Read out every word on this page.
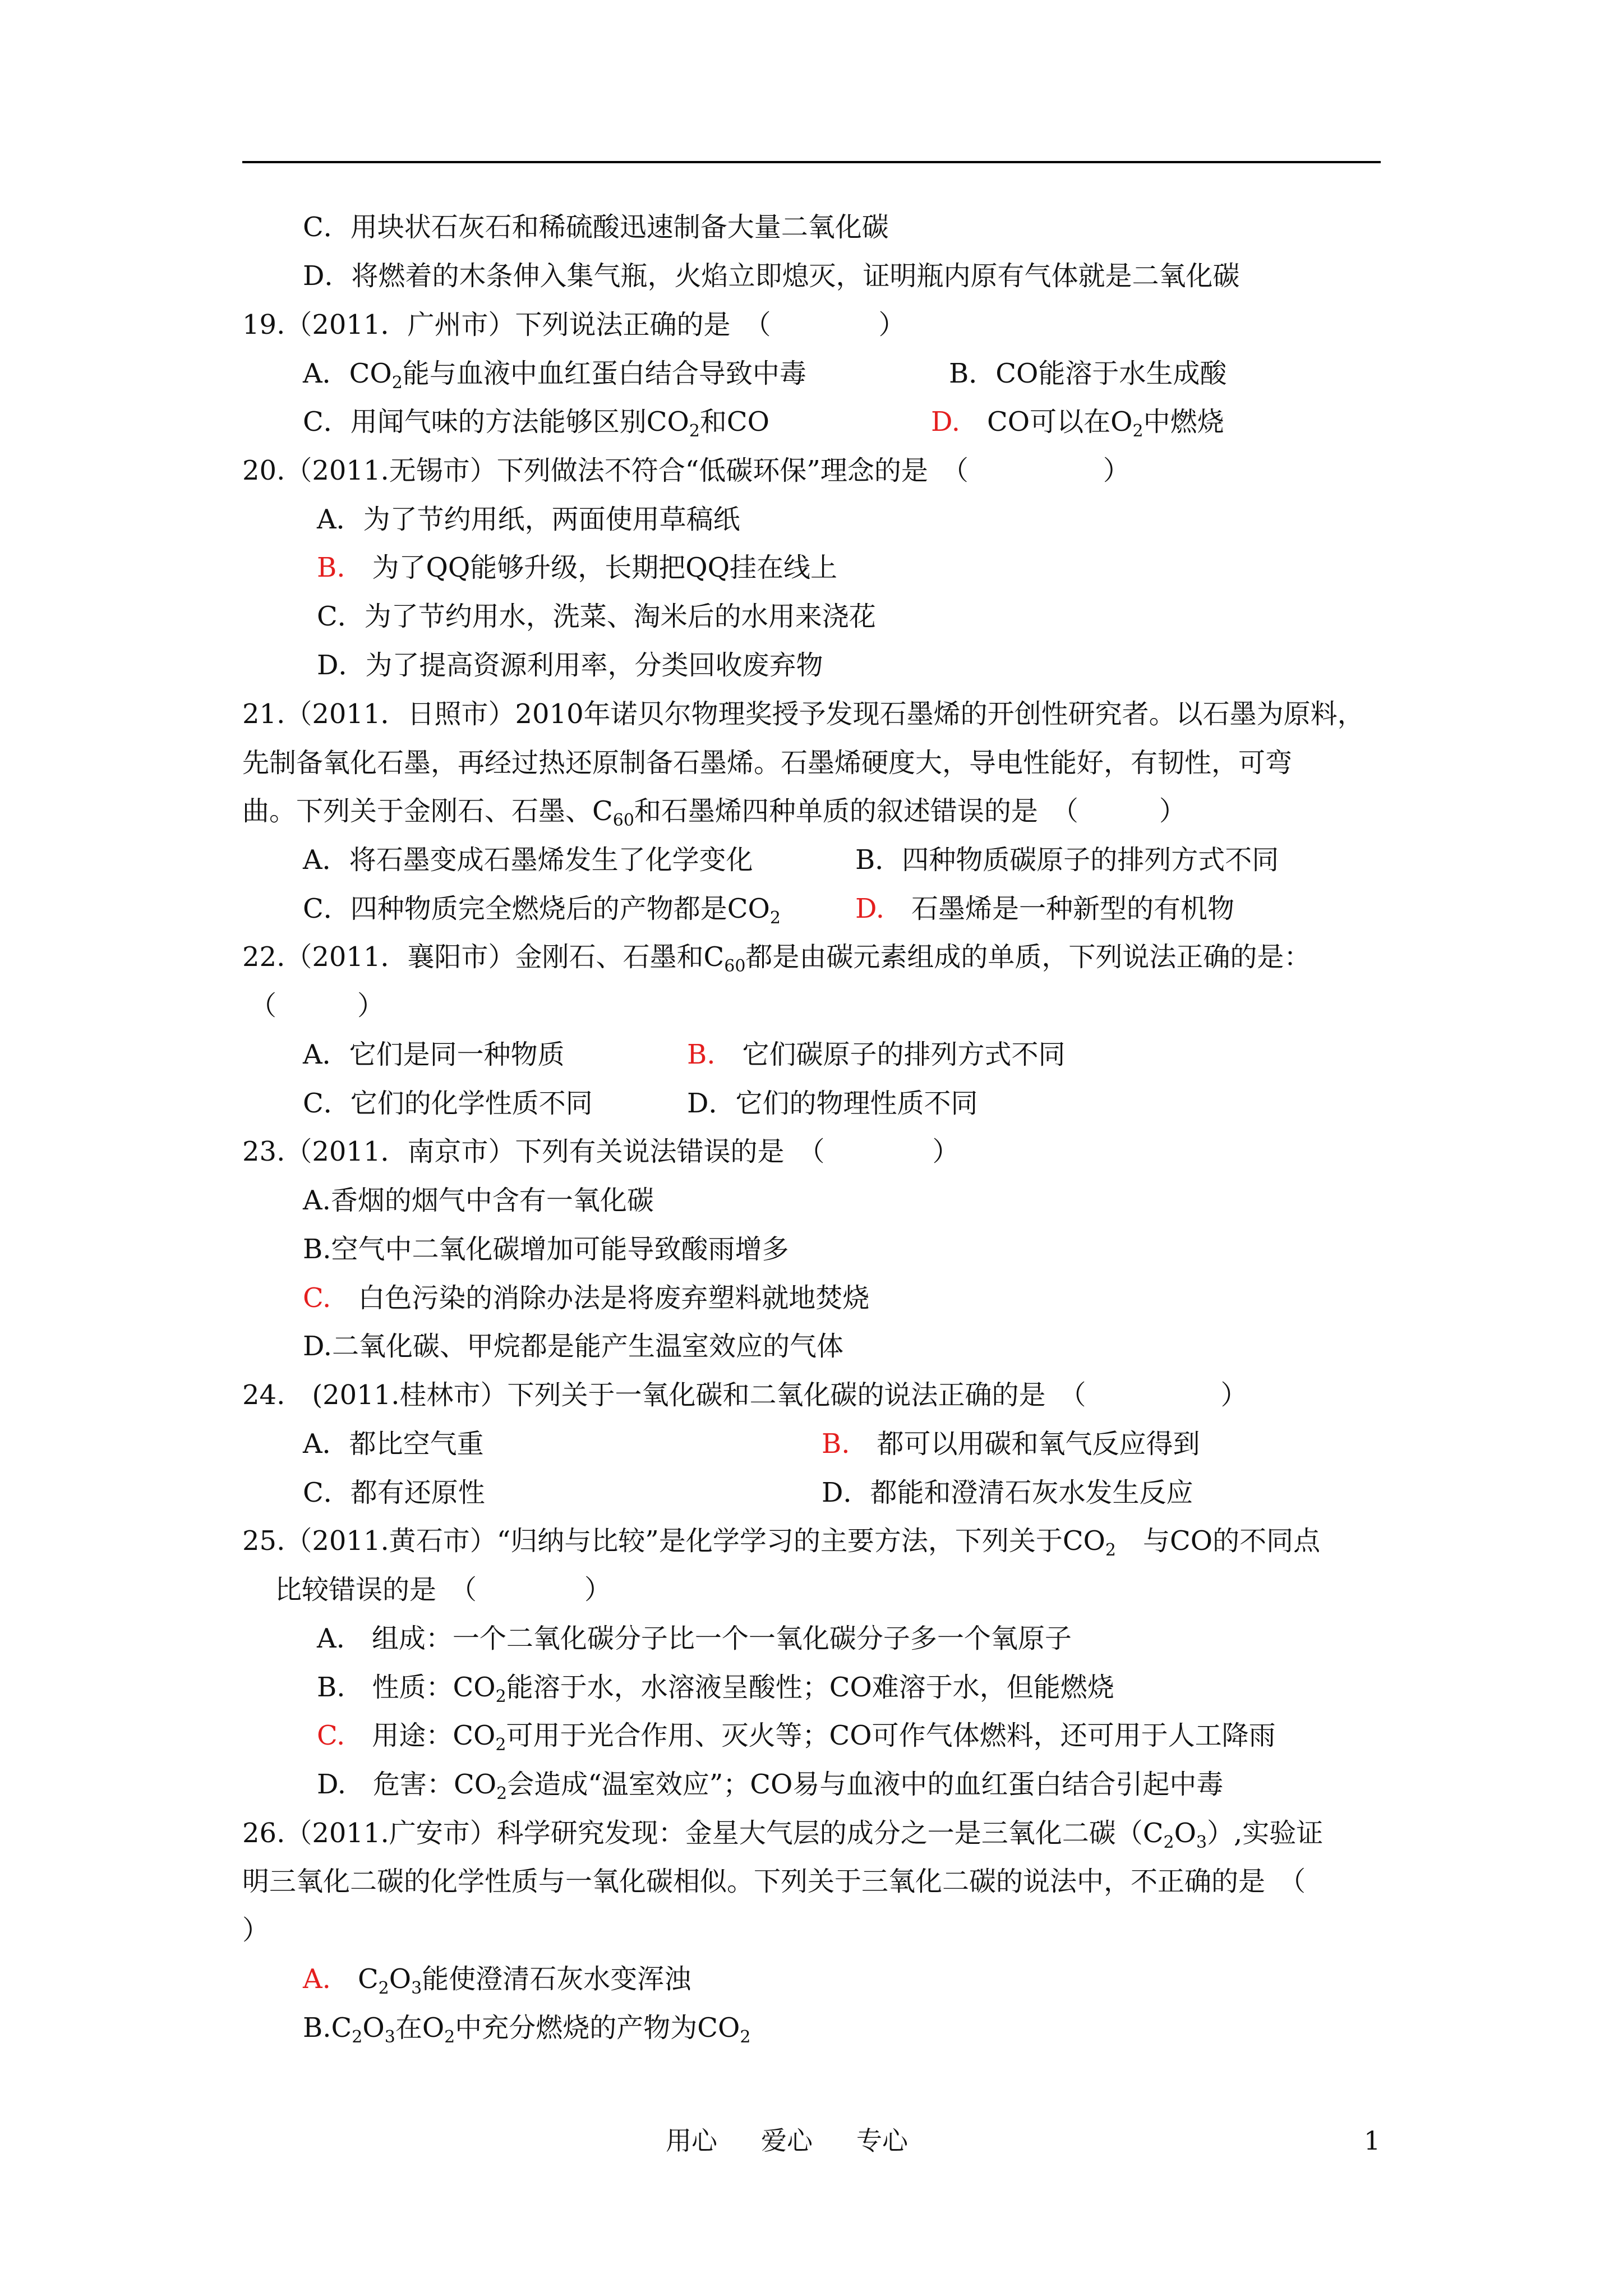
C．用块状石灰石和稀硫酸迅速制备大量二氧化碳
D．将燃着的木条伸入集气瓶，火焰立即熄灭，证明瓶内原有气体就是二氧化碳
19.（2011．广州市）下列说法正确的是　（　　　　）
A．$CO_2$能与血液中血红蛋白结合导致中毒	B．CO能溶于水生成酸
C．用闻气味的方法能够区别$CO_2$和CO	D.　 CO可以在$O_2$中燃烧
20.（2011.无锡市）下列做法不符合“低碳环保”理念的是　（　　　　　）
A．为了节约用纸，两面使用草稿纸
B.　 为了QQ能够升级，长期把QQ挂在线上
C．为了节约用水，洗菜、淘米后的水用来浇花
D．为了提高资源利用率，分类回收废弃物
21.（2011．日照市）2010年诺贝尔物理奖授予发现石墨烯的开创性研究者。以石墨为原料，
先制备氧化石墨，再经过热还原制备石墨烯。石墨烯硬度大，导电性能好，有韧性，可弯
曲。下列关于金刚石、石墨、$C_{60}$和石墨烯四种单质的叙述错误的是　（　　　）
A．将石墨变成石墨烯发生了化学变化	B．四种物质碳原子的排列方式不同
C．四种物质完全燃烧后的产物都是$CO_2$	D.　 石墨烯是一种新型的有机物
22.（2011．襄阳市）金刚石、石墨和$C_{60}$都是由碳元素组成的单质，下列说法正确的是：
（　　　）
A．它们是同一种物质	B.　 它们碳原子的排列方式不同
C．它们的化学性质不同	D．它们的物理性质不同
23.（2011．南京市）下列有关说法错误的是　（　　　　）
A.香烟的烟气中含有一氧化碳
B.空气中二氧化碳增加可能导致酸雨增多
C.　 白色污染的消除办法是将废弃塑料就地焚烧
D.二氧化碳、甲烷都是能产生温室效应的气体
24.　(2011.桂林市）下列关于一氧化碳和二氧化碳的说法正确的是　（　　　　　）
A．都比空气重	B.　 都可以用碳和氧气反应得到
C．都有还原性	D．都能和澄清石灰水发生反应
25.（2011.黄石市）“归纳与比较”是化学学习的主要方法，下列关于$CO_2$　 与CO的不同点
比较错误的是　（　　　　）
A.　组成：一个二氧化碳分子比一个一氧化碳分子多一个氧原子
B.　性质：$CO_2$能溶于水，水溶液呈酸性；CO难溶于水，但能燃烧
C.　 用途：$CO_2$可用于光合作用、灭火等；CO可作气体燃料，还可用于人工降雨
D.　危害：$CO_2$会造成“温室效应”；CO易与血液中的血红蛋白结合引起中毒
26.（2011.广安市）科学研究发现：金星大气层的成分之一是三氧化二碳$(C_2O_3)$,实验证
明三氧化二碳的化学性质与一氧化碳相似。下列关于三氧化二碳的说法中，不正确的是　（
）
A.　 $C_2O_3$能使澄清石灰水变浑浊
$B.C_2O_3$在$O_2$中充分燃烧的产物为$CO_2$
用心 爱心 专心	1
